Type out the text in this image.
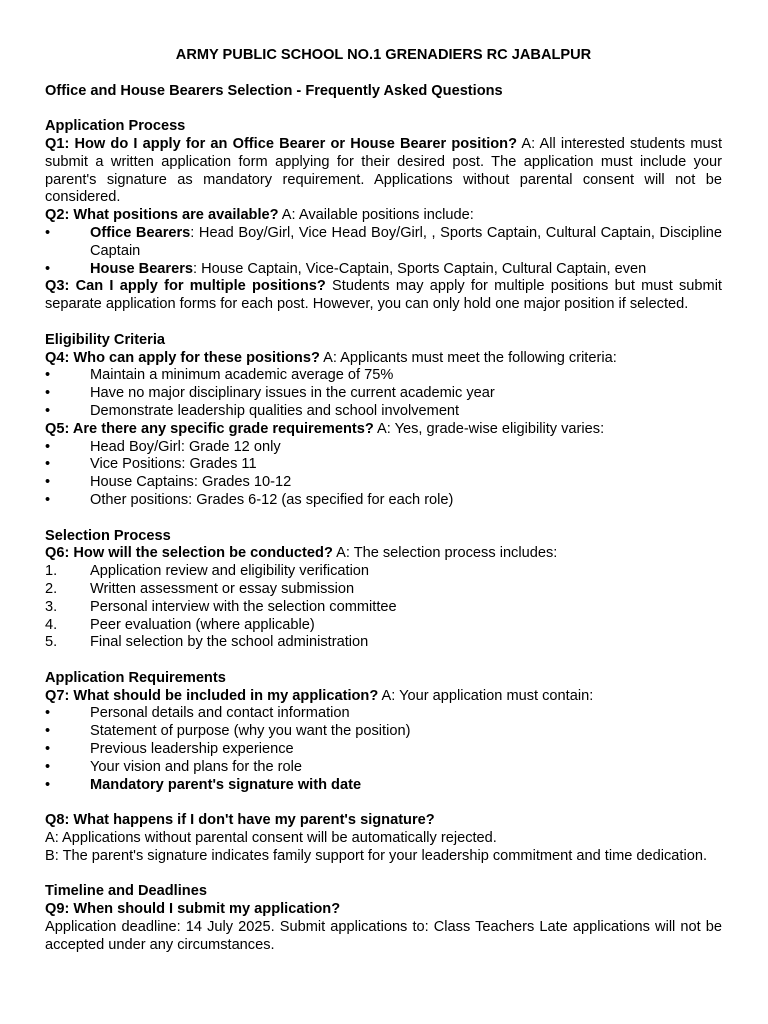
ARMY PUBLIC SCHOOL NO.1 GRENADIERS RC JABALPUR

Office and House Bearers Selection - Frequently Asked Questions

Application Process

Q1: How do I apply for an Office Bearer or House Bearer position? A: All interested students must submit a written application form applying for their desired post. The application must include your parent's signature as mandatory requirement. Applications without parental consent will not be considered.

Q2: What positions are available? A: Available positions include:

•	Office Bearers: Head Boy/Girl, Vice Head Boy/Girl, , Sports Captain, Cultural Captain, Discipline Captain
•	House Bearers: House Captain, Vice-Captain, Sports Captain, Cultural Captain, even

Q3: Can I apply for multiple positions? Students may apply for multiple positions but must submit separate application forms for each post. However, you can only hold one major position if selected.

Eligibility Criteria

Q4: Who can apply for these positions? A: Applicants must meet the following criteria:

•	Maintain a minimum academic average of 75%
•	Have no major disciplinary issues in the current academic year
•	Demonstrate leadership qualities and school involvement

Q5: Are there any specific grade requirements? A: Yes, grade-wise eligibility varies:

•	Head Boy/Girl: Grade 12 only
•	Vice Positions: Grades 11
•	House Captains: Grades 10-12
•	Other positions: Grades 6-12 (as specified for each role)

Selection Process

Q6: How will the selection be conducted? A: The selection process includes:

1. Application review and eligibility verification
2. Written assessment or essay submission
3. Personal interview with the selection committee
4. Peer evaluation (where applicable)
5. Final selection by the school administration

Application Requirements

Q7: What should be included in my application? A: Your application must contain:

•	Personal details and contact information
•	Statement of purpose (why you want the position)
•	Previous leadership experience
•	Your vision and plans for the role
•	Mandatory parent's signature with date

Q8: What happens if I don't have my parent's signature?

A: Applications without parental consent will be automatically rejected.

B: The parent's signature indicates family support for your leadership commitment and time dedication.

Timeline and Deadlines

Q9: When should I submit my application?

Application deadline: 14 July 2025. Submit applications to: Class Teachers Late applications will not be accepted under any circumstances.
